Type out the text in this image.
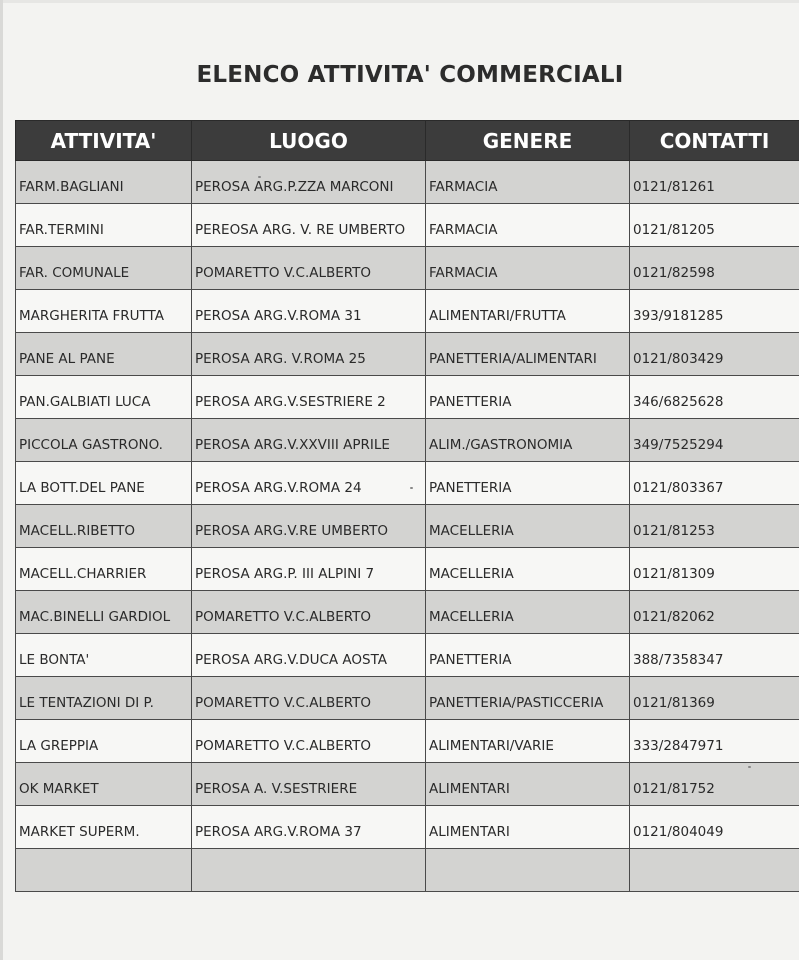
ELENCO ATTIVITA' COMMERCIALI
ATTIVITA'	LUOGO	GENERE	CONTATTI
FARM.BAGLIANI	PEROSA ARG.P.ZZA MARCONI	FARMACIA	0121/81261
FAR.TERMINI	PEREOSA ARG. V. RE UMBERTO	FARMACIA	0121/81205
FAR. COMUNALE	POMARETTO V.C.ALBERTO	FARMACIA	0121/82598
MARGHERITA FRUTTA	PEROSA ARG.V.ROMA 31	ALIMENTARI/FRUTTA	393/9181285
PANE AL PANE	PEROSA ARG. V.ROMA 25	PANETTERIA/ALIMENTARI	0121/803429
PAN.GALBIATI LUCA	PEROSA ARG.V.SESTRIERE 2	PANETTERIA	346/6825628
PICCOLA GASTRONO.	PEROSA ARG.V.XXVIII APRILE	ALIM./GASTRONOMIA	349/7525294
LA BOTT.DEL PANE	PEROSA ARG.V.ROMA 24	PANETTERIA	0121/803367
MACELL.RIBETTO	PEROSA ARG.V.RE UMBERTO	MACELLERIA	0121/81253
MACELL.CHARRIER	PEROSA ARG.P. III ALPINI 7	MACELLERIA	0121/81309
MAC.BINELLI GARDIOL	POMARETTO V.C.ALBERTO	MACELLERIA	0121/82062
LE BONTA'	PEROSA ARG.V.DUCA AOSTA	PANETTERIA	388/7358347
LE TENTAZIONI DI P.	POMARETTO V.C.ALBERTO	PANETTERIA/PASTICCERIA	0121/81369
LA GREPPIA	POMARETTO V.C.ALBERTO	ALIMENTARI/VARIE	333/2847971
OK MARKET	PEROSA A. V.SESTRIERE	ALIMENTARI	0121/81752
MARKET SUPERM.	PEROSA ARG.V.ROMA 37	ALIMENTARI	0121/804049
